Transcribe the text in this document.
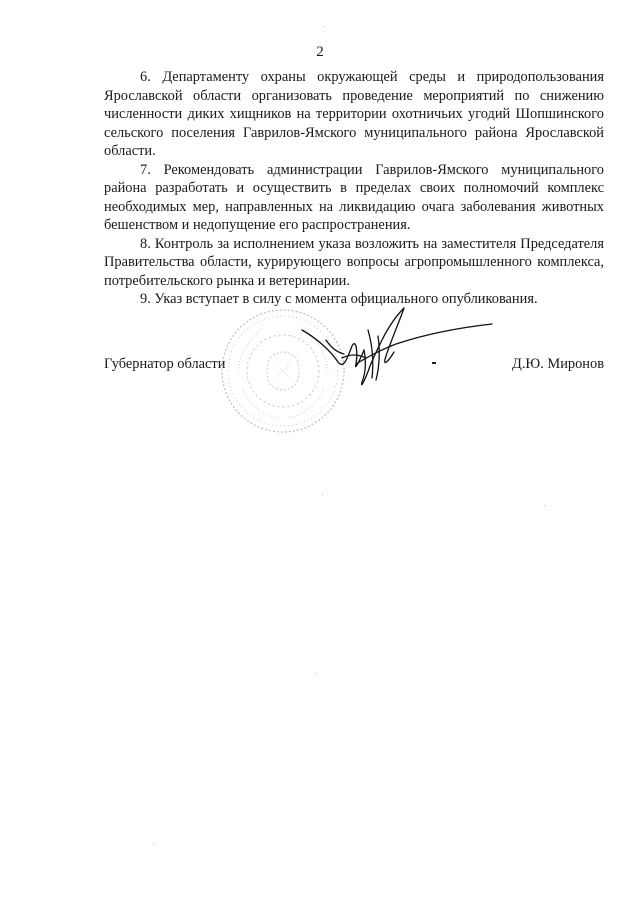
2

6. Департаменту охраны окружающей среды и природопользования Ярославской области организовать проведение мероприятий по снижению численности диких хищников на территории охотничьих угодий Шопшинского сельского поселения Гаврилов-Ямского муниципального района Ярославской области.

7. Рекомендовать администрации Гаврилов-Ямского муниципального района разработать и осуществить в пределах своих полномочий комплекс необходимых мер, направленных на ликвидацию очага заболевания животных бешенством и недопущение его распространения.

8. Контроль за исполнением указа возложить на заместителя Председателя Правительства области, курирующего вопросы агропромышленного комплекса, потребительского рынка и ветеринарии.

9. Указ вступает в силу с момента официального опубликования.

Губернатор области	Д.Ю. Миронов
